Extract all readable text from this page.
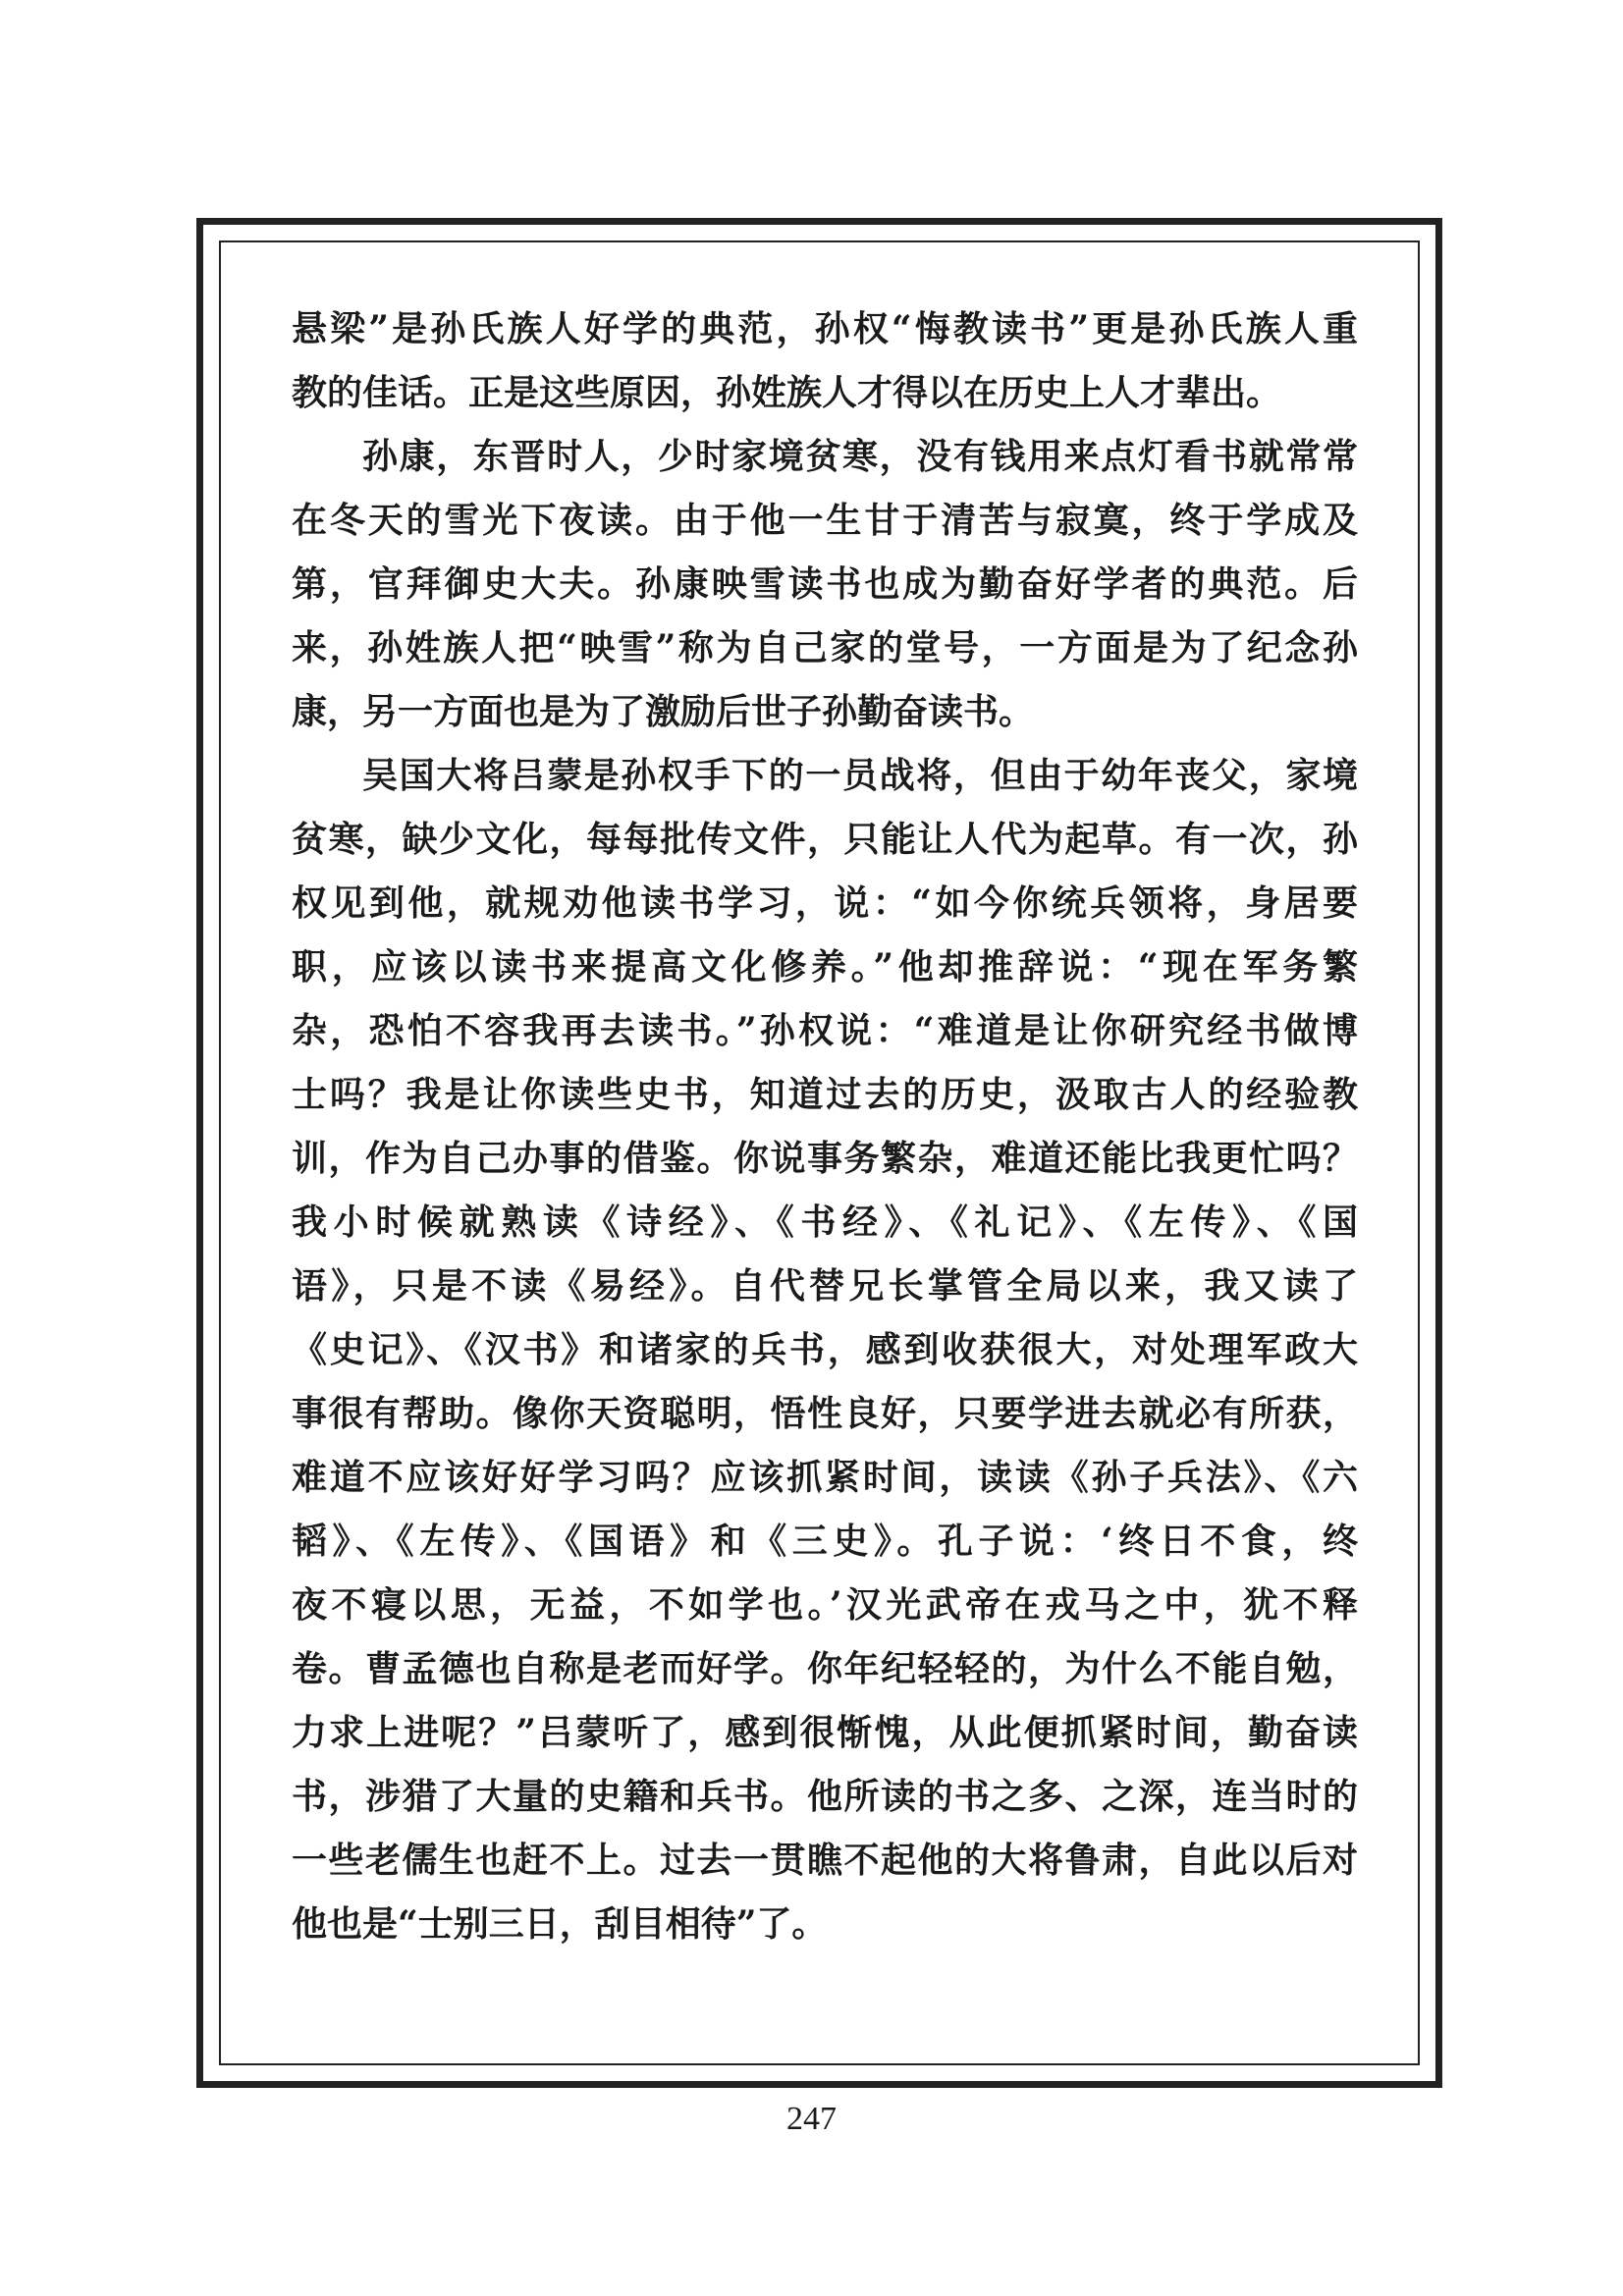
悬梁”是孙氏族人好学的典范，孙权“悔教读书”更是孙氏族人重
教的佳话。正是这些原因，孙姓族人才得以在历史上人才辈出。
孙康，东晋时人，少时家境贫寒，没有钱用来点灯看书就常常
在冬天的雪光下夜读。由于他一生甘于清苦与寂寞，终于学成及
第，官拜御史大夫。孙康映雪读书也成为勤奋好学者的典范。后
来，孙姓族人把“映雪”称为自己家的堂号，一方面是为了纪念孙
康，另一方面也是为了激励后世子孙勤奋读书。
吴国大将吕蒙是孙权手下的一员战将，但由于幼年丧父，家境
贫寒，缺少文化，每每批传文件，只能让人代为起草。有一次，孙
权见到他，就规劝他读书学习，说：“如今你统兵领将，身居要
职，应该以读书来提高文化修养。”他却推辞说：“现在军务繁
杂，恐怕不容我再去读书。”孙权说：“难道是让你研究经书做博
士吗？我是让你读些史书，知道过去的历史，汲取古人的经验教
训，作为自己办事的借鉴。你说事务繁杂，难道还能比我更忙吗？
我小时候就熟读《诗经》、《书经》、《礼记》、《左传》、《国
语》，只是不读《易经》。自代替兄长掌管全局以来，我又读了
《史记》、《汉书》和诸家的兵书，感到收获很大，对处理军政大
事很有帮助。像你天资聪明，悟性良好，只要学进去就必有所获，
难道不应该好好学习吗？应该抓紧时间，读读《孙子兵法》、《六
韬》、《左传》、《国语》和《三史》。孔子说：‘终日不食，终
夜不寝以思，无益，不如学也。’汉光武帝在戎马之中，犹不释
卷。曹孟德也自称是老而好学。你年纪轻轻的，为什么不能自勉，
力求上进呢？”吕蒙听了，感到很惭愧，从此便抓紧时间，勤奋读
书，涉猎了大量的史籍和兵书。他所读的书之多、之深，连当时的
一些老儒生也赶不上。过去一贯瞧不起他的大将鲁肃，自此以后对
他也是“士别三日，刮目相待”了。
247
